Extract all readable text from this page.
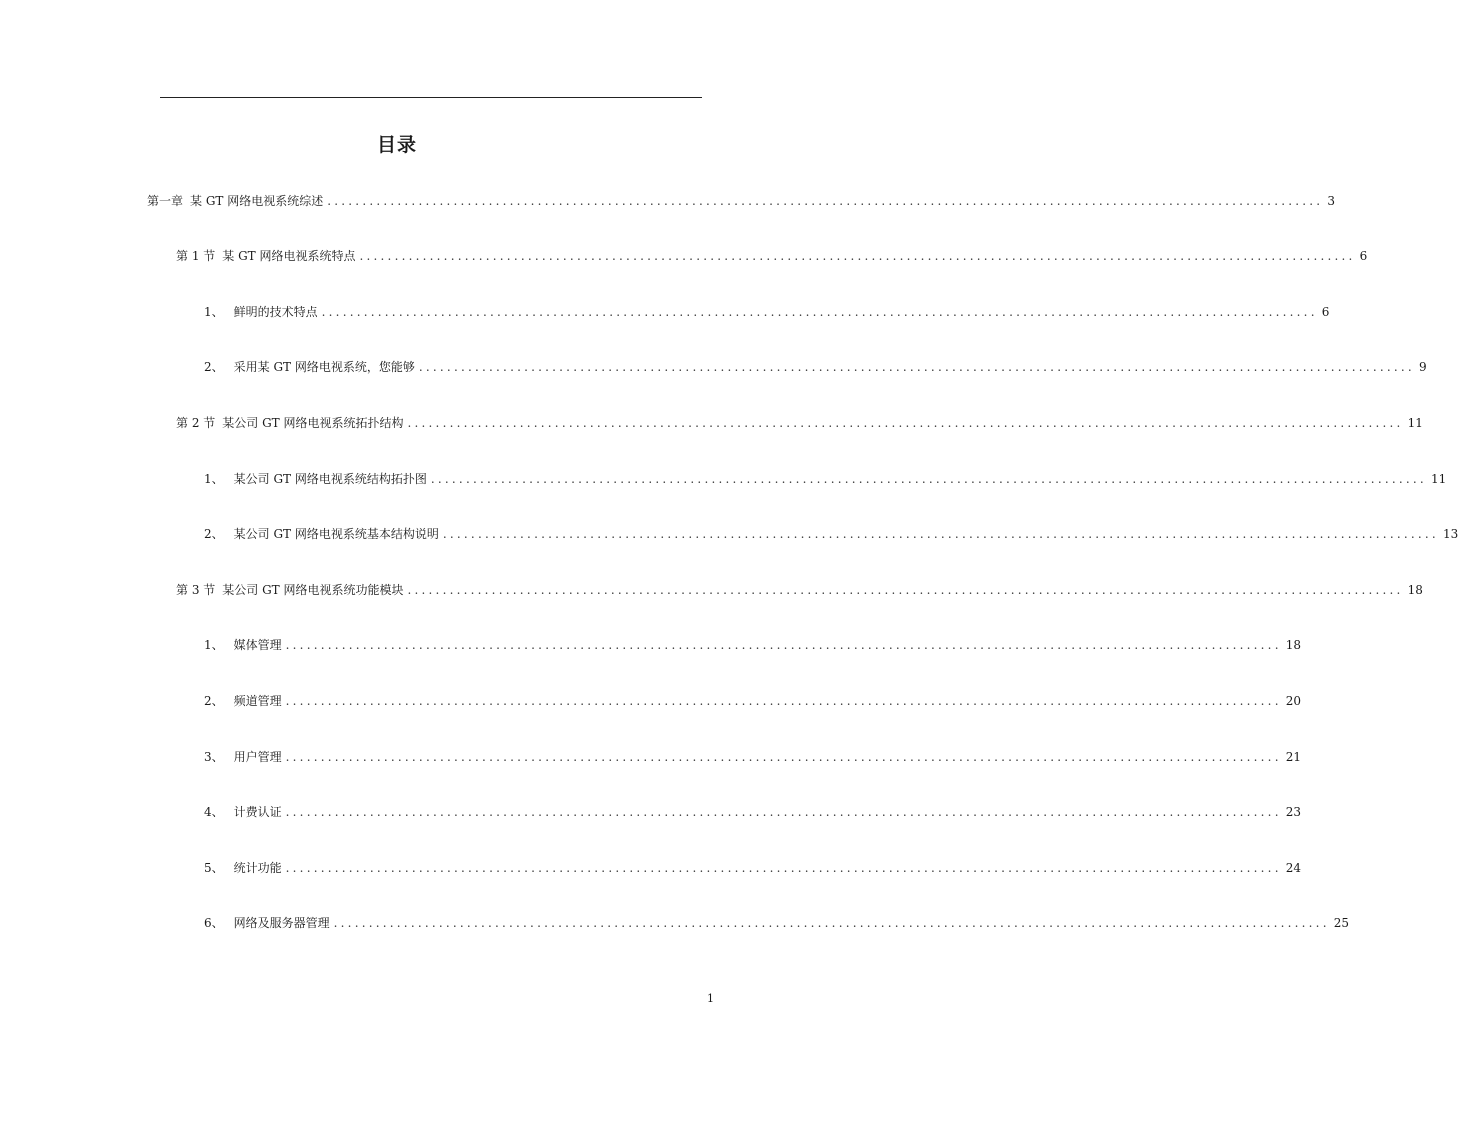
目录
第一章 某 GT 网络电视系统综述 .............................................................................................................................................. 3
第 1 节 某 GT 网络电视系统特点 .............................................................................................................................................. 6
1、 鲜明的技术特点 .............................................................................................................................................. 6
2、 采用某 GT 网络电视系统，您能够 .............................................................................................................................................. 9
第 2 节 某公司 GT 网络电视系统拓扑结构 .............................................................................................................................................. 11
1、 某公司 GT 网络电视系统结构拓扑图 .............................................................................................................................................. 11
2、 某公司 GT 网络电视系统基本结构说明 .............................................................................................................................................. 13
第 3 节 某公司 GT 网络电视系统功能模块 .............................................................................................................................................. 18
1、 媒体管理 .............................................................................................................................................. 18
2、 频道管理 .............................................................................................................................................. 20
3、 用户管理 .............................................................................................................................................. 21
4、 计费认证 .............................................................................................................................................. 23
5、 统计功能 .............................................................................................................................................. 24
6、 网络及服务器管理 .............................................................................................................................................. 25
1
